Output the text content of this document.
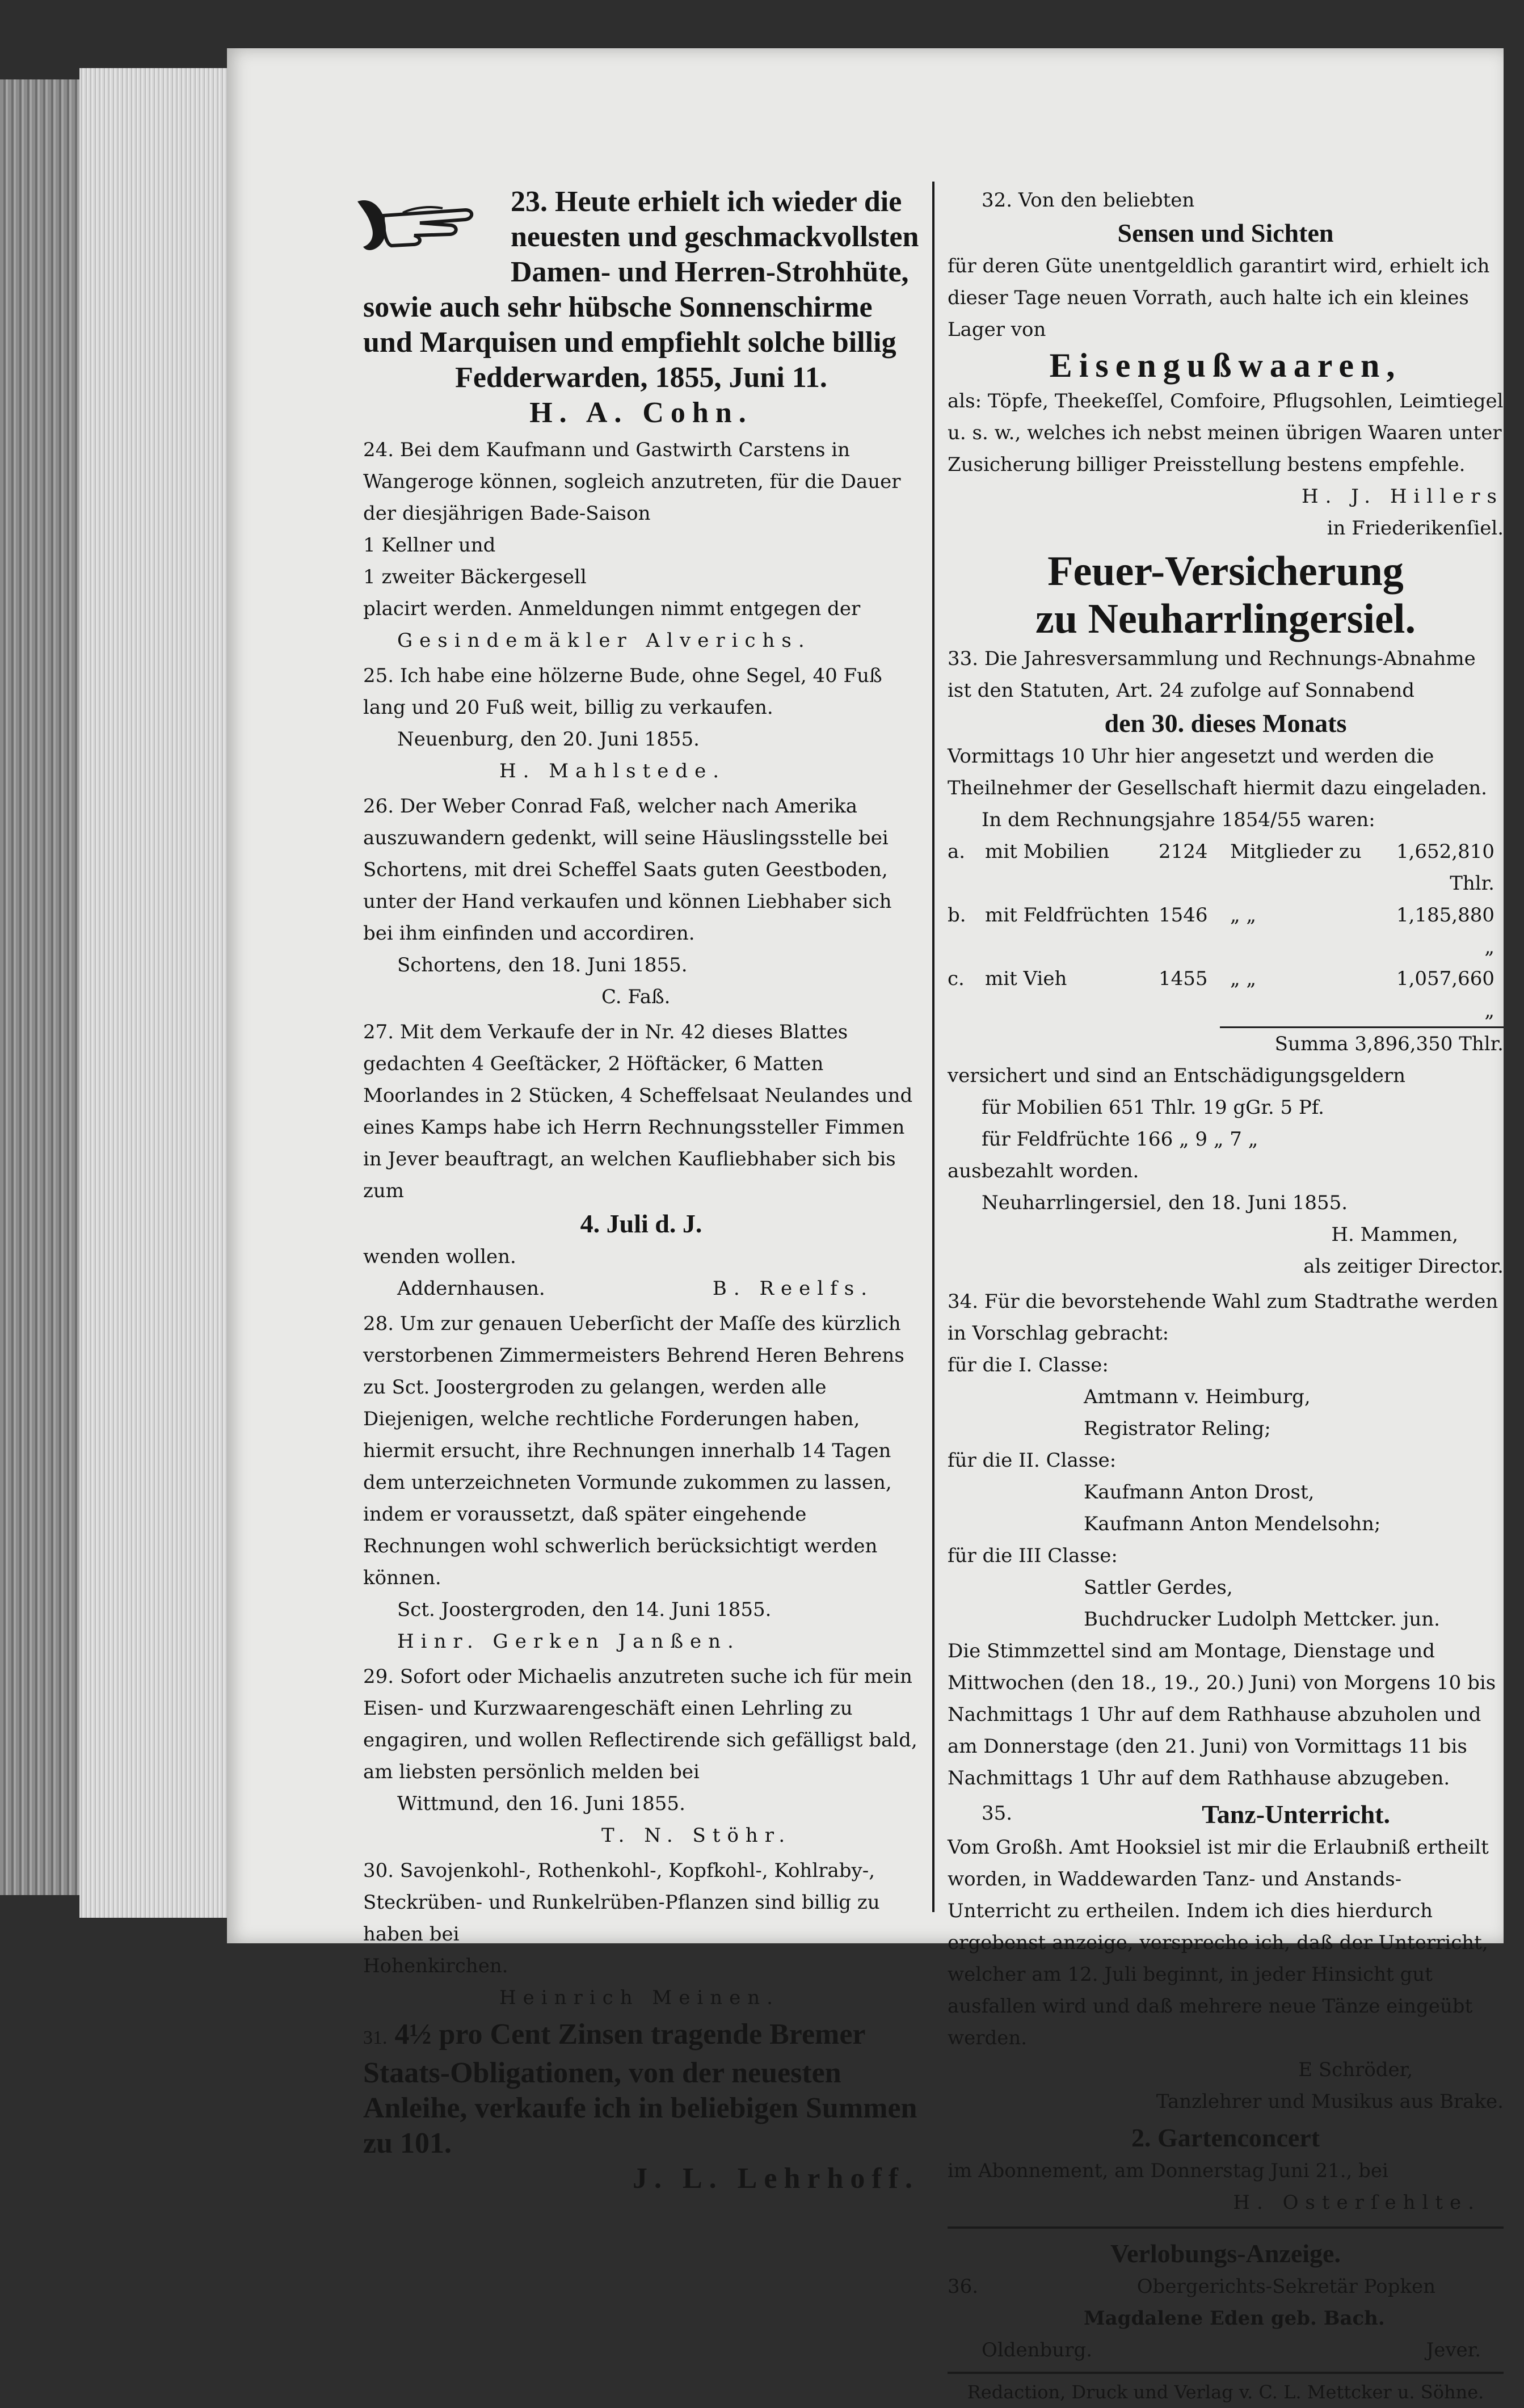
23. Heute erhielt ich wieder die neuesten und geschmackvollsten Damen- und Herren-Strohhüte, sowie auch sehr hübsche Sonnenschirme und Marquisen und empfiehlt solche billig
Fedderwarden, 1855, Juni 11.
H. A. Cohn.
24. Bei dem Kaufmann und Gastwirth Carstens in Wangeroge können, sogleich anzutreten, für die Dauer der diesjährigen Bade-Saison
1 Kellner und
1 zweiter Bäckergesell
placirt werden. Anmeldungen nimmt entgegen der
Gesindemäkler Alverichs.
25. Ich habe eine hölzerne Bude, ohne Segel, 40 Fuß lang und 20 Fuß weit, billig zu verkaufen.
Neuenburg, den 20. Juni 1855.
H. Mahlstede.
26. Der Weber Conrad Faß, welcher nach Amerika auszuwandern gedenkt, will seine Häuslingsstelle bei Schortens, mit drei Scheffel Saats guten Geestboden, unter der Hand verkaufen und können Liebhaber sich bei ihm einfinden und accordiren.
Schortens, den 18. Juni 1855.
C. Faß.
27. Mit dem Verkaufe der in Nr. 42 dieses Blattes gedachten 4 Geeſtäcker, 2 Höftäcker, 6 Matten Moorlandes in 2 Stücken, 4 Scheffelsaat Neulandes und eines Kamps habe ich Herrn Rechnungssteller Fimmen in Jever beauftragt, an welchen Kaufliebhaber sich bis zum
4. Juli d. J.
wenden wollen.
Addernhausen.	B. Reelfs.
28. Um zur genauen Ueberſicht der Maſſe des kürzlich verstorbenen Zimmermeisters Behrend Heren Behrens zu Sct. Joostergroden zu gelangen, werden alle Diejenigen, welche rechtliche Forderungen haben, hiermit ersucht, ihre Rechnungen innerhalb 14 Tagen dem unterzeichneten Vormunde zukommen zu lassen, indem er voraussetzt, daß später eingehende Rechnungen wohl schwerlich berücksichtigt werden können.
Sct. Joostergroden, den 14. Juni 1855.
Hinr. Gerken Janßen.
29. Sofort oder Michaelis anzutreten suche ich für mein Eisen- und Kurzwaarengeschäft einen Lehrling zu engagiren, und wollen Reflectirende sich gefälligst bald, am liebsten persönlich melden bei
Wittmund, den 16. Juni 1855.
T. N. Stöhr.
30. Savojenkohl-, Rothenkohl-, Kopfkohl-, Kohlraby-, Steckrüben- und Runkelrüben-Pflanzen sind billig zu haben bei
Hohenkirchen.
Heinrich Meinen.
31. 4½ pro Cent Zinsen tragende Bremer Staats-Obligationen, von der neuesten Anleihe, verkaufe ich in beliebigen Summen zu 101.
J. L. Lehrhoff.
32. Von den beliebten
Sensen und Sichten
für deren Güte unentgeldlich garantirt wird, erhielt ich dieser Tage neuen Vorrath, auch halte ich ein kleines Lager von
Eisengußwaaren,
als: Töpfe, Theekeſſel, Comfoire, Pflugsohlen, Leimtiegel u. s. w., welches ich nebst meinen übrigen Waaren unter Zusicherung billiger Preisstellung bestens empfehle.
H. J. Hillers
in Friederikenſiel.
Feuer-Versicherung
zu Neuharrlingersiel.
33. Die Jahresversammlung und Rechnungs-Abnahme ist den Statuten, Art. 24 zufolge auf Sonnabend
den 30. dieses Monats
Vormittags 10 Uhr hier angesetzt und werden die Theilnehmer der Gesellschaft hiermit dazu eingeladen.
In dem Rechnungsjahre 1854/55 waren:
a.	mit Mobilien	2124	Mitglieder zu	1,652,810 Thlr.
b. mit Feldfrüchten 1546	„ „	1,185,880 „
c.	mit Vieh	1455	„ „	1,057,660 „
Summa 3,896,350 Thlr.
versichert und sind an Entschädigungsgeldern
für Mobilien 651 Thlr. 19 gGr. 5 Pf.
für Feldfrüchte 166 „ 9 „ 7 „
ausbezahlt worden.
Neuharrlingersiel, den 18. Juni 1855.
H. Mammen,
als zeitiger Director.
34. Für die bevorstehende Wahl zum Stadtrathe werden in Vorschlag gebracht:
für die I. Classe:
Amtmann v. Heimburg,
Registrator Reling;
für die II. Classe:
Kaufmann Anton Drost,
Kaufmann Anton Mendelsohn;
für die III Classe:
Sattler Gerdes,
Buchdrucker Ludolph Mettcker. jun.
Die Stimmzettel sind am Montage, Dienstage und Mittwochen (den 18., 19., 20.) Juni) von Morgens 10 bis Nachmittags 1 Uhr auf dem Rathhause abzuholen und am Donnerstage (den 21. Juni) von Vormittags 11 bis Nachmittags 1 Uhr auf dem Rathhause abzugeben.
35.	Tanz-Unterricht.
Vom Großh. Amt Hooksiel ist mir die Erlaubniß ertheilt worden, in Waddewarden Tanz- und Anstands-Unterricht zu ertheilen. Indem ich dies hierdurch ergebenst anzeige, verspreche ich, daß der Unterricht, welcher am 12. Juli beginnt, in jeder Hinsicht gut ausfallen wird und daß mehrere neue Tänze eingeübt werden.
E Schröder,
Tanzlehrer und Musikus aus Brake.
2. Gartenconcert
im Abonnement, am Donnerstag Juni 21., bei
H. Osterſehlte.
Verlobungs-Anzeige.
36.	Obergerichts-Sekretär Popken
Magdalene Eden geb. Bach.
Oldenburg.	Jever.
Redaction, Druck und Verlag v. C. L. Mettcker u. Söhne.
